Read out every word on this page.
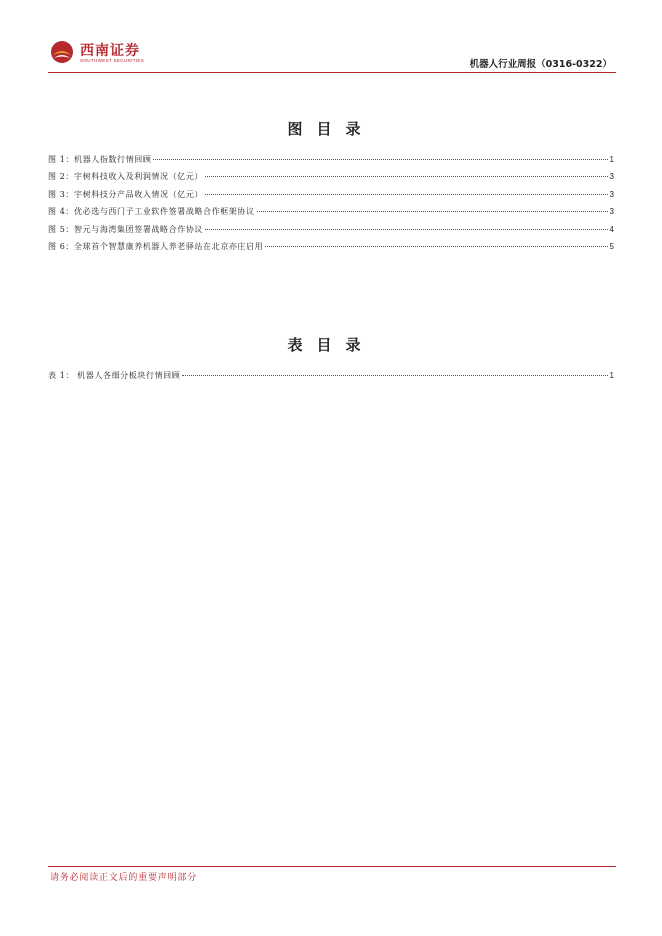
西南证券
SOUTHWEST SECURITIES	机器人行业周报（0316-0322）
图目录
图 1：机器人指数行情回顾	1
图 2：宇树科技收入及利润情况（亿元）	3
图 3：宇树科技分产品收入情况（亿元）	3
图 4：优必选与西门子工业软件签署战略合作框架协议	3
图 5：智元与海湾集团签署战略合作协议	4
图 6：全球首个智慧康养机器人养老驿站在北京亦庄启用	5
表目录
表 1： 机器人各细分板块行情回顾	1
请务必阅读正文后的重要声明部分
